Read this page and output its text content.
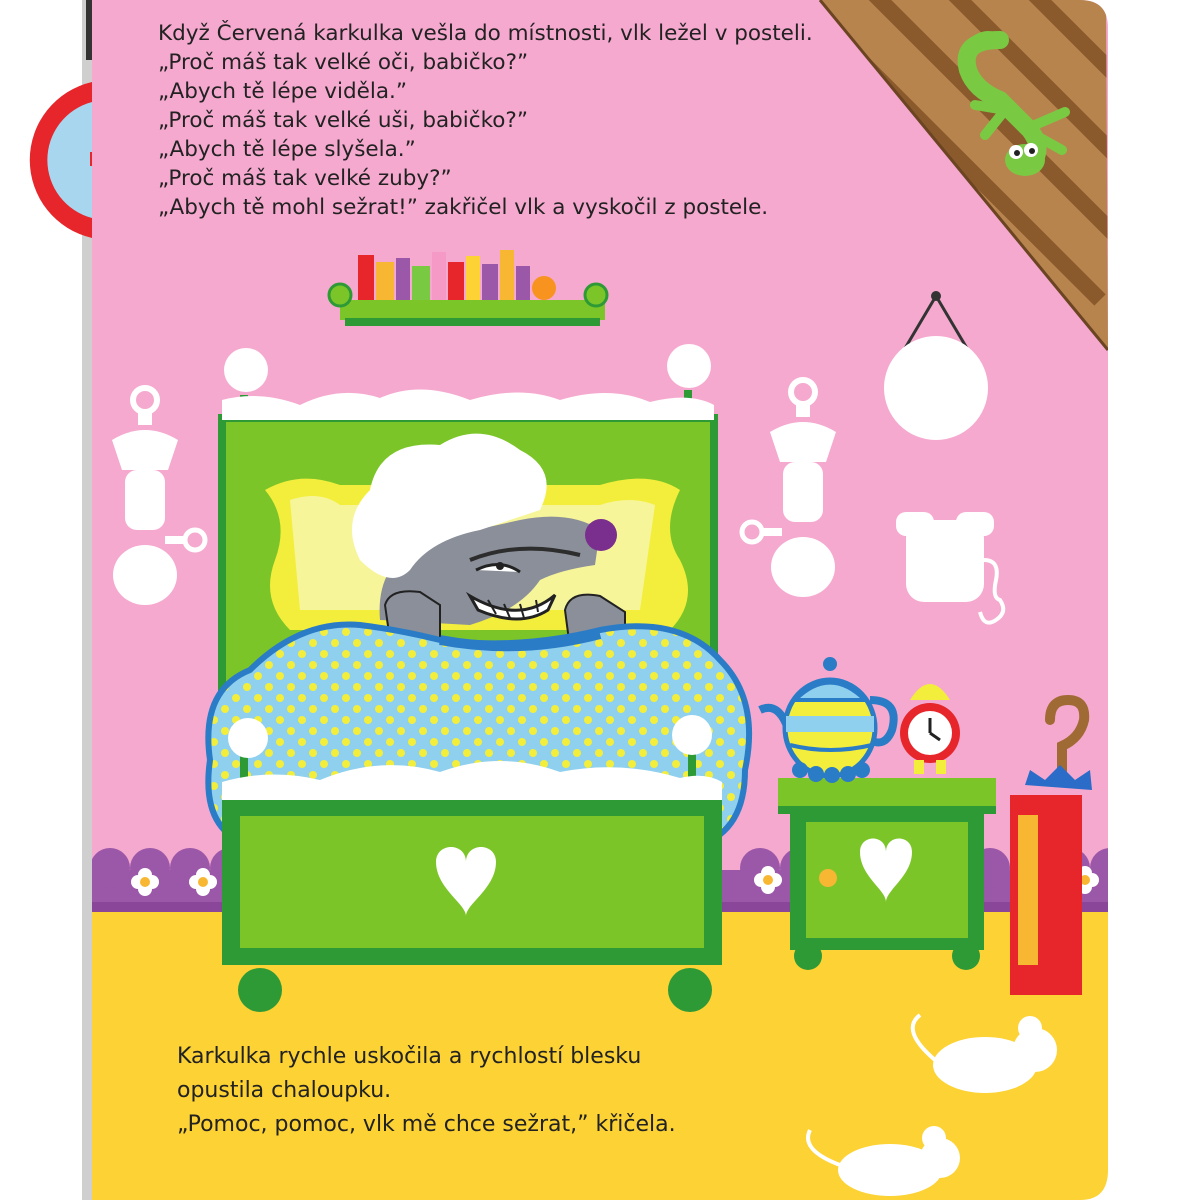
Když Červená karkulka vešla do místnosti, vlk ležel v posteli.
„Proč máš tak velké oči, babičko?”
„Abych tě lépe viděla.”
„Proč máš tak velké uši, babičko?”
„Abych tě lépe slyšela.”
„Proč máš tak velké zuby?”
„Abych tě mohl sežrat!” zakřičel vlk a vyskočil z postele.
Karkulka rychle uskočila a rychlostí blesku
opustila chaloupku.
„Pomoc, pomoc, vlk mě chce sežrat,” křičela.
